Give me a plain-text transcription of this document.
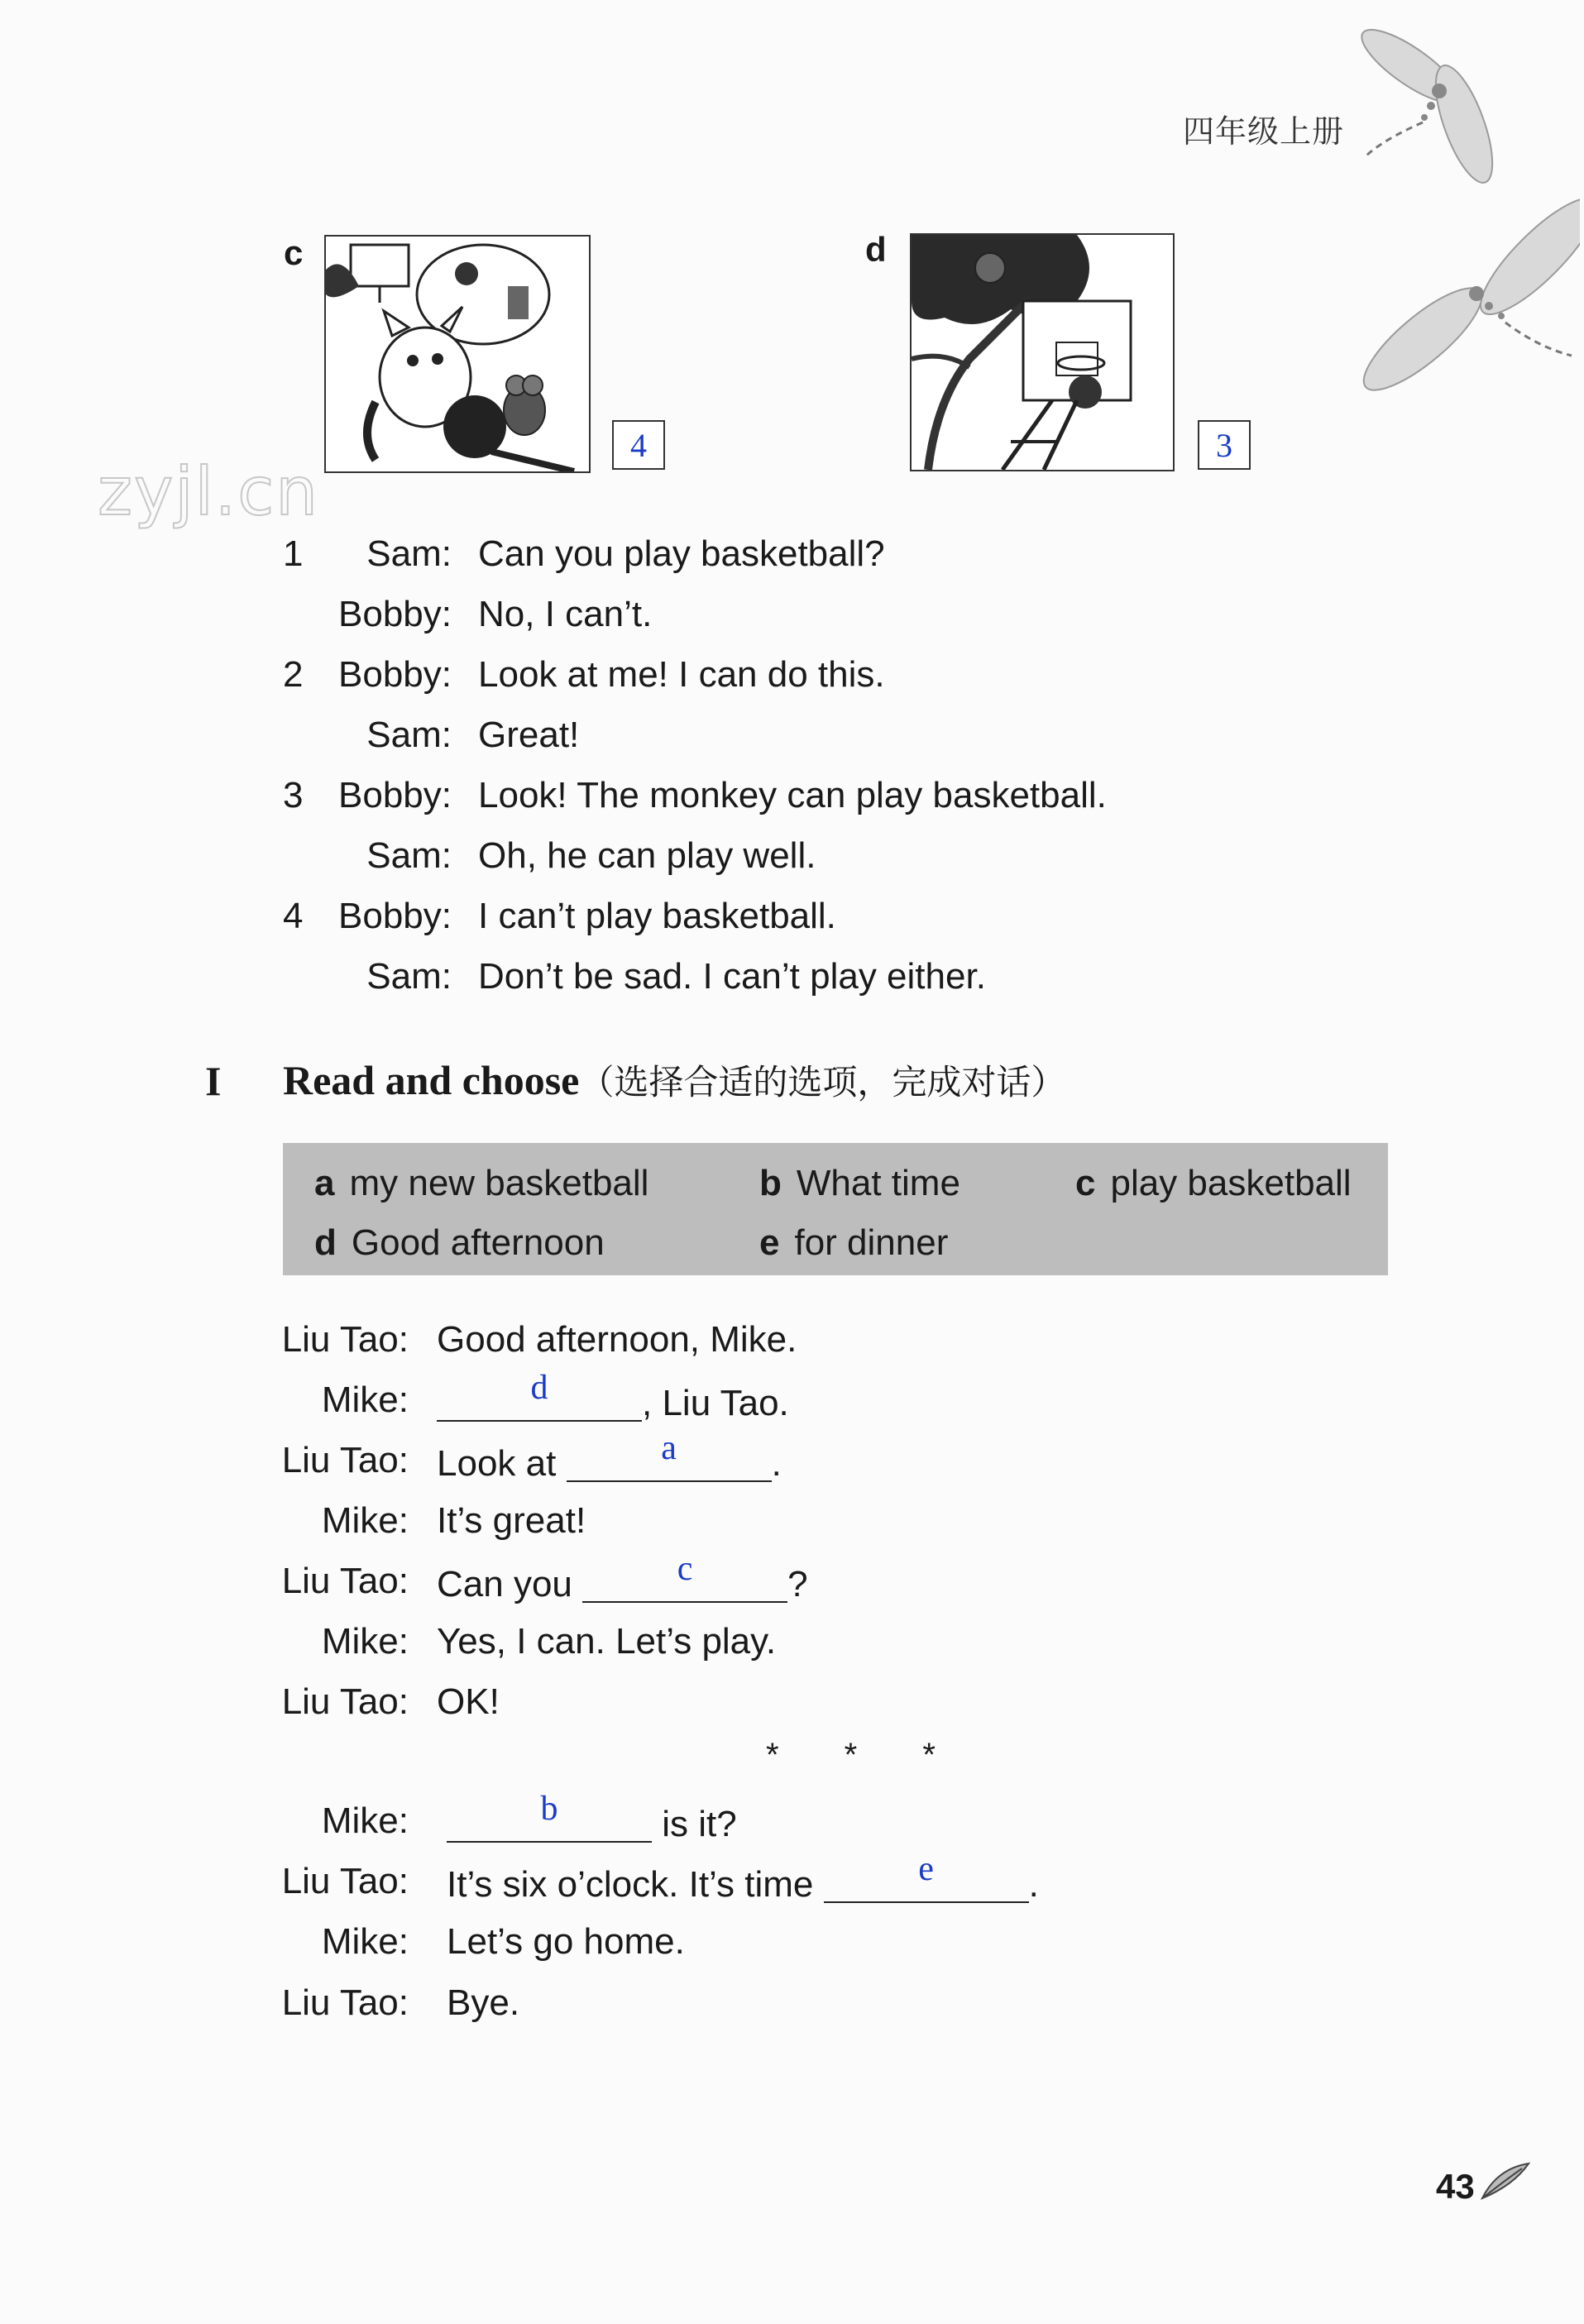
四年级上册
c
4
d
3
zyjl.cn
1	Sam: Can you play basketball?
Bobby: No, I can’t.
2 Bobby: Look at me! I can do this.
Sam: Great!
3 Bobby: Look! The monkey can play basketball.
Sam: Oh, he can play well.
4 Bobby: I can’t play basketball.
Sam: Don’t be sad. I can’t play either.
I Read and choose（选择合适的选项，完成对话）
a my new basketball	b What time	c play basketball
d Good afternoon	e for dinner
Liu Tao: Good afternoon, Mike.
Mike:	d	, Liu Tao.
Liu Tao: Look at	a	.
Mike: It’s great!
Liu Tao: Can you	c	?
Mike: Yes, I can. Let’s play.
Liu Tao: OK!
* * *
Mike:	b	is it?
Liu Tao: It’s six o’clock. It’s time	e	.
Mike: Let’s go home.
Liu Tao: Bye.
43
